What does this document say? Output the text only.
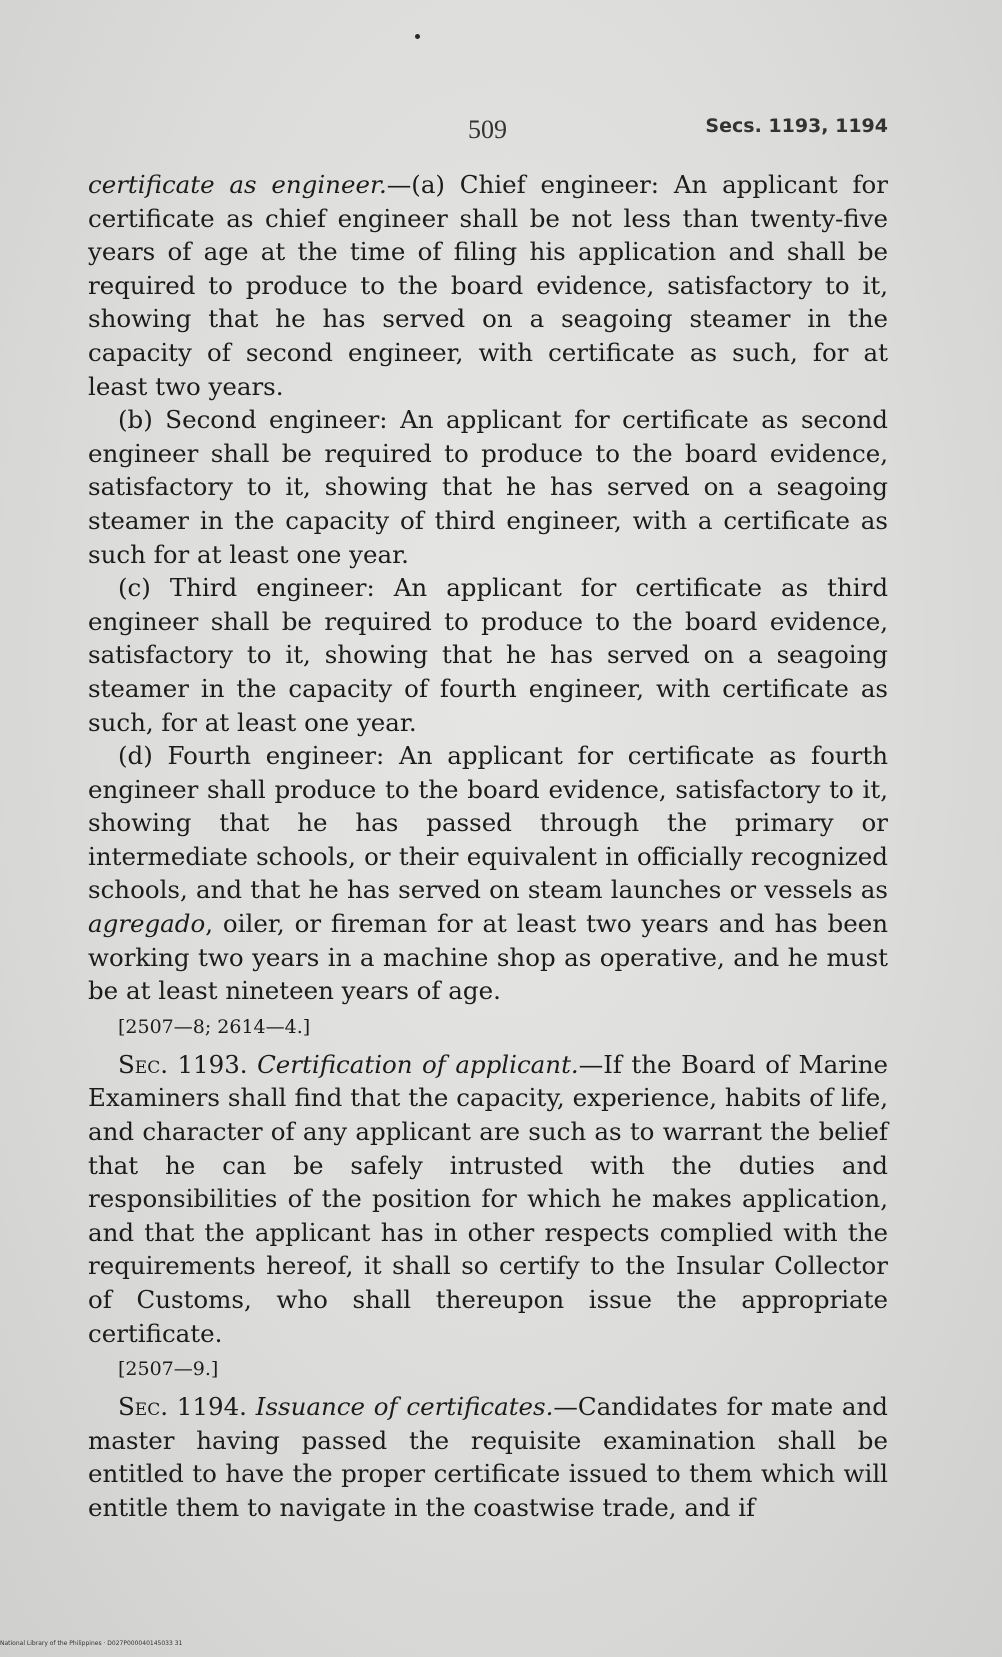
509	Secs. 1193, 1194

certificate as engineer.—(a) Chief engineer: An applicant for certificate as chief engineer shall be not less than twenty-five years of age at the time of filing his application and shall be required to produce to the board evidence, satisfactory to it, showing that he has served on a seagoing steamer in the capacity of second engineer, with certificate as such, for at least two years.

(b) Second engineer: An applicant for certificate as second engineer shall be required to produce to the board evidence, satisfactory to it, showing that he has served on a seagoing steamer in the capacity of third engineer, with a certificate as such for at least one year.

(c) Third engineer: An applicant for certificate as third engineer shall be required to produce to the board evidence, satisfactory to it, showing that he has served on a seagoing steamer in the capacity of fourth engineer, with certificate as such, for at least one year.

(d) Fourth engineer: An applicant for certificate as fourth engineer shall produce to the board evidence, satisfactory to it, showing that he has passed through the primary or intermediate schools, or their equivalent in officially recognized schools, and that he has served on steam launches or vessels as agregado, oiler, or fireman for at least two years and has been working two years in a machine shop as operative, and he must be at least nineteen years of age.

[2507—8; 2614—4.]

Sec. 1193. Certification of applicant.—If the Board of Marine Examiners shall find that the capacity, experience, habits of life, and character of any applicant are such as to warrant the belief that he can be safely intrusted with the duties and responsibilities of the position for which he makes application, and that the applicant has in other respects complied with the requirements hereof, it shall so certify to the Insular Collector of Customs, who shall thereupon issue the appropriate certificate.

[2507—9.]

Sec. 1194. Issuance of certificates.—Candidates for mate and master having passed the requisite examination shall be entitled to have the proper certificate issued to them which will entitle them to navigate in the coastwise trade, and if

National Library of the Philippines · D027P000040145033 31
